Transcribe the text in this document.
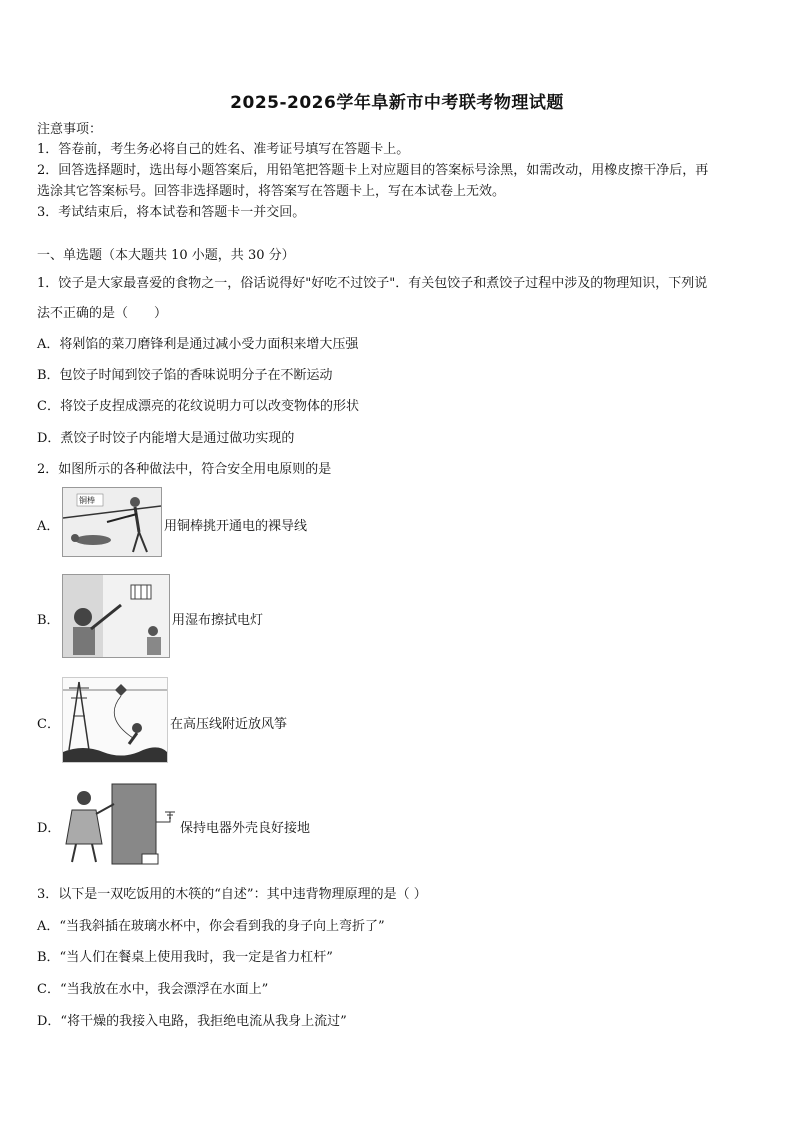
2025-2026学年阜新市中考联考物理试题
注意事项：
1．答卷前，考生务必将自己的姓名、准考证号填写在答题卡上。
2．回答选择题时，选出每小题答案后，用铅笔把答题卡上对应题目的答案标号涂黑，如需改动，用橡皮擦干净后，再
选涂其它答案标号。回答非选择题时，将答案写在答题卡上，写在本试卷上无效。
3．考试结束后，将本试卷和答题卡一并交回。
一、单选题（本大题共 10 小题，共 30 分）
1．饺子是大家最喜爱的食物之一，俗话说得好"好吃不过饺子"．有关包饺子和煮饺子过程中涉及的物理知识，下列说
法不正确的是（　　）
A．将剁馅的菜刀磨锋利是通过减小受力面积来增大压强
B．包饺子时闻到饺子馅的香味说明分子在不断运动
C．将饺子皮捏成漂亮的花纹说明力可以改变物体的形状
D．煮饺子时饺子内能增大是通过做功实现的
2．如图所示的各种做法中，符合安全用电原则的是
A．
铜棒
用铜棒挑开通电的裸导线
B．	用湿布擦拭电灯
C．	在高压线附近放风筝
D．	保持电器外壳良好接地
3．以下是一双吃饭用的木筷的“自述”：其中违背物理原理的是（ ）
A．“当我斜插在玻璃水杯中，你会看到我的身子向上弯折了”
B．“当人们在餐桌上使用我时，我一定是省力杠杆”
C．“当我放在水中，我会漂浮在水面上”
D．“将干燥的我接入电路，我拒绝电流从我身上流过”
